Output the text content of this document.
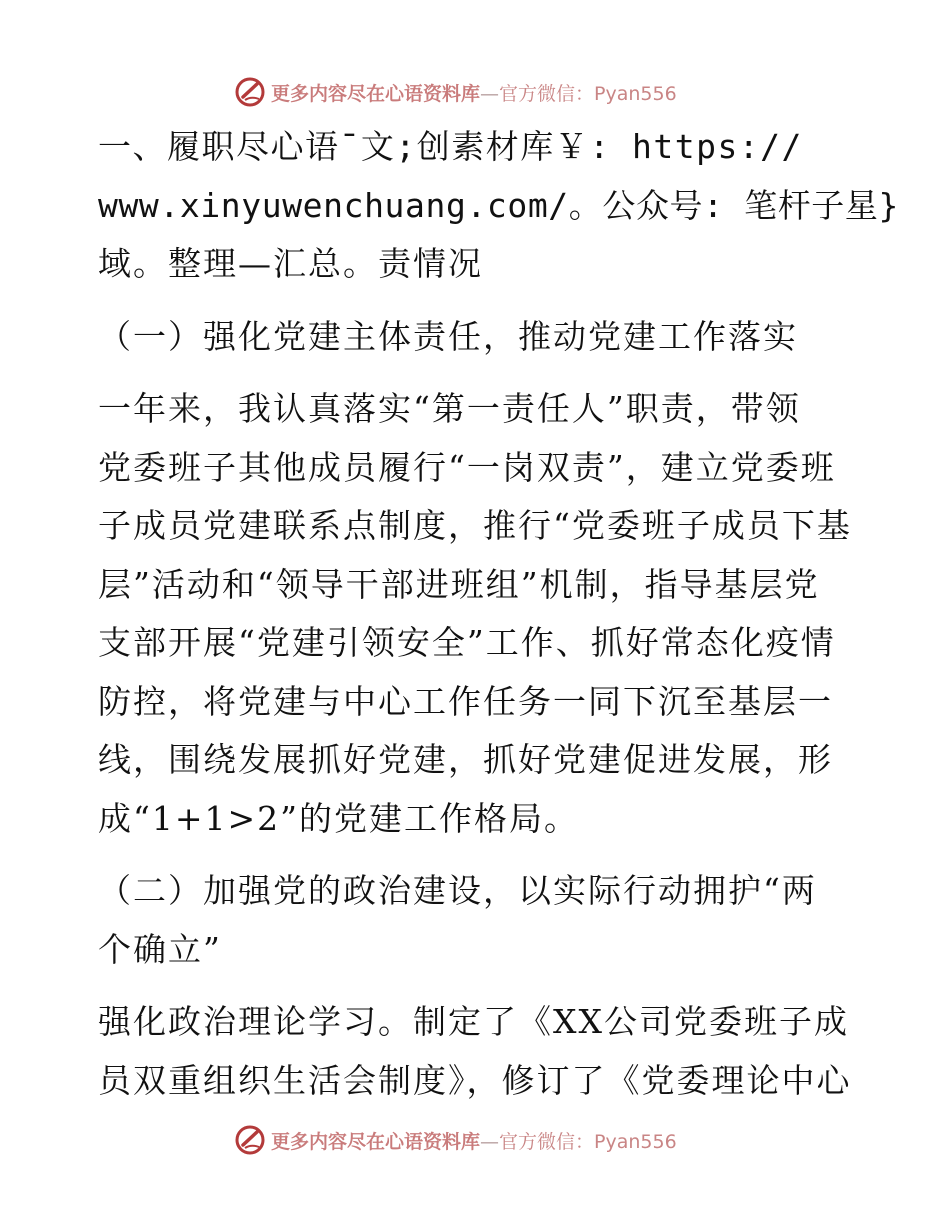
更多内容尽在心语资料库—官方微信：Pyan556
一、履职尽心语¯文;创素材库￥: https://
www.xinyuwenchuang.com/。公众号: 笔杆子星}
域。整理—汇总。责情况
（一）强化党建主体责任，推动党建工作落实
一年来，我认真落实“第一责任人”职责，带领
党委班子其他成员履行“一岗双责”，建立党委班
子成员党建联系点制度，推行“党委班子成员下基
层”活动和“领导干部进班组”机制，指导基层党
支部开展“党建引领安全”工作、抓好常态化疫情
防控，将党建与中心工作任务一同下沉至基层一
线，围绕发展抓好党建，抓好党建促进发展，形
成“1+1>2”的党建工作格局。
（二）加强党的政治建设，以实际行动拥护“两
个确立”
强化政治理论学习。制定了《XX公司党委班子成
员双重组织生活会制度》，修订了《党委理论中心
更多内容尽在心语资料库—官方微信：Pyan556
